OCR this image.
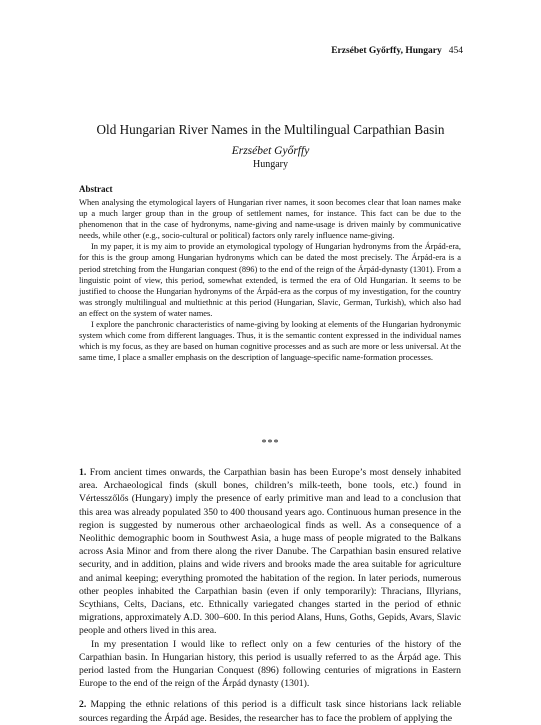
Erzsébet Győrffy, Hungary 454
Old Hungarian River Names in the Multilingual Carpathian Basin
Erzsébet Győrffy
Hungary
Abstract

When analysing the etymological layers of Hungarian river names, it soon becomes clear that loan names make up a much larger group than in the group of settlement names, for instance. This fact can be due to the phenomenon that in the case of hydronyms, name-giving and name-usage is driven mainly by communicative needs, while other (e.g., socio-cultural or political) factors only rarely influence name-giving.

In my paper, it is my aim to provide an etymological typology of Hungarian hydronyms from the Árpád-era, for this is the group among Hungarian hydronyms which can be dated the most precisely. The Árpád-era is a period stretching from the Hungarian conquest (896) to the end of the reign of the Árpád-dynasty (1301). From a linguistic point of view, this period, somewhat extended, is termed the era of Old Hungarian. It seems to be justified to choose the Hungarian hydronyms of the Árpád-era as the corpus of my investigation, for the country was strongly multilingual and multiethnic at this period (Hungarian, Slavic, German, Turkish), which also had an effect on the system of water names.

I explore the panchronic characteristics of name-giving by looking at elements of the Hungarian hydronymic system which come from different languages. Thus, it is the semantic content expressed in the individual names which is my focus, as they are based on human cognitive processes and as such are more or less universal. At the same time, I place a smaller emphasis on the description of language-specific name-formation processes.

***

1. From ancient times onwards, the Carpathian basin has been Europe’s most densely inhabited area. Archaeological finds (skull bones, children’s milk-teeth, bone tools, etc.) found in Vértesszőlős (Hungary) imply the presence of early primitive man and lead to a conclusion that this area was already populated 350 to 400 thousand years ago. Continuous human presence in the region is suggested by numerous other archaeological finds as well. As a consequence of a Neolithic demographic boom in Southwest Asia, a huge mass of people migrated to the Balkans across Asia Minor and from there along the river Danube. The Carpathian basin ensured relative security, and in addition, plains and wide rivers and brooks made the area suitable for agriculture and animal keeping; everything promoted the habitation of the region. In later periods, numerous other peoples inhabited the Carpathian basin (even if only temporarily): Thracians, Illyrians, Scythians, Celts, Dacians, etc. Ethnically variegated changes started in the period of ethnic migrations, approximately A.D. 300–600. In this period Alans, Huns, Goths, Gepids, Avars, Slavic people and others lived in this area.

In my presentation I would like to reflect only on a few centuries of the history of the Carpathian basin. In Hungarian history, this period is usually referred to as the Árpád age. This period lasted from the Hungarian Conquest (896) following centuries of migrations in Eastern Europe to the end of the reign of the Árpád dynasty (1301).

2. Mapping the ethnic relations of this period is a difficult task since historians lack reliable sources regarding the Árpád age. Besides, the researcher has to face the problem of applying the
